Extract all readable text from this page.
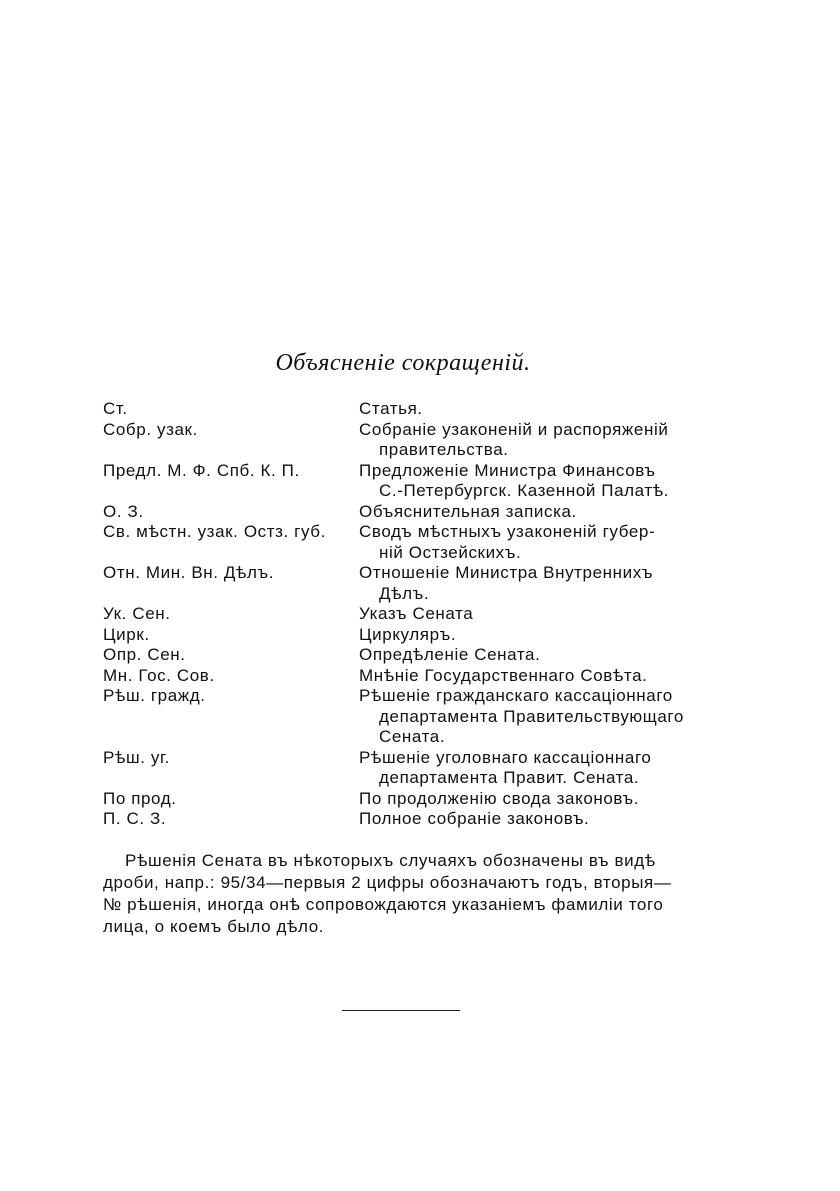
Объясненіе сокращеній.
Ст.	Статья.

Собр. узак.	Собраніе узаконеній и распоряженій
правительства.

Предл. М. Ф. Спб. К. П.	Предложеніе Министра Финансовъ
С.-Петербургск. Казенной Палатѣ.

О. З.	Объяснительная записка.

Св. мѣстн. узак. Остз. губ.	Сводъ мѣстныхъ узаконеній губер-
ній Остзейскихъ.

Отн. Мин. Вн. Дѣлъ.	Отношеніе Министра Внутреннихъ
Дѣлъ.

Ук. Сен.	Указъ Сената

Цирк.	Циркуляръ.

Опр. Сен.	Опредѣленіе Сената.

Мн. Гос. Сов.	Мнѣніе Государственнаго Совѣта.

Рѣш. гражд.	Рѣшеніе гражданскаго кассаціоннаго
департамента Правительствующаго
Сената.

Рѣш. уг.	Рѣшеніе уголовнаго кассаціоннаго
департамента Правит. Сената.

По прод.	По продолженію свода законовъ.

П. С. З.	Полное собраніе законовъ.

Рѣшенія Сената въ нѣкоторыхъ случаяхъ обозначены въ видѣ
дроби, напр.: 95/34—первыя 2 цифры обозначаютъ годъ, вторыя—
№ рѣшенія, иногда онѣ сопровождаются указаніемъ фамиліи того
лица, о коемъ было дѣло.
